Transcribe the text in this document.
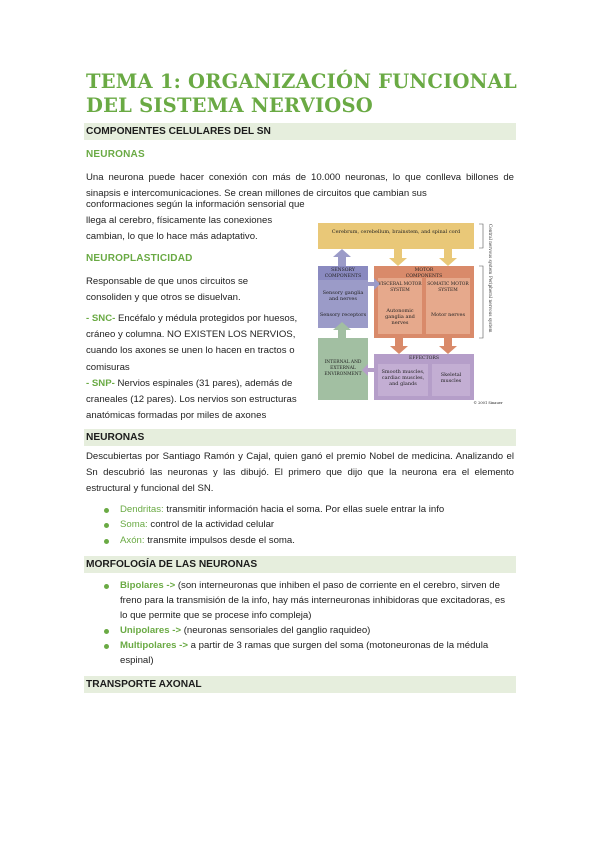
TEMA 1: ORGANIZACIÓN FUNCIONAL DEL SISTEMA NERVIOSO
COMPONENTES CELULARES DEL SN
NEURONAS

Una neurona puede hacer conexión con más de 10.000 neuronas, lo que conlleva billones de sinapsis e intercomunicaciones. Se crean millones de circuitos que cambian sus

conformaciones según la información sensorial que llega al cerebro, físicamente las conexiones cambian, lo que lo hace más adaptativo.

NEUROPLASTICIDAD

Responsable de que unos circuitos se consoliden y que otros se disuelvan.

- SNC- Encéfalo y médula protegidos por huesos, cráneo y columna. NO EXISTEN LOS NERVIOS, cuando los axones se unen lo hacen en tractos o comisuras

- SNP- Nervios espinales (31 pares), además de craneales (12 pares). Los nervios son estructuras anatómicas formadas por miles de axones

Cerebrum, cerebellum, brainstem, and spinal cord
SENSORY COMPONENTS
Sensory ganglia and nerves
Sensory receptors
MOTOR COMPONENTS
VISCERAL MOTOR SYSTEM
Autonomic ganglia and nerves
SOMATIC MOTOR SYSTEM
Motor nerves
INTERNAL AND EXTERNAL ENVIRONMENT
EFFECTORS
Smooth muscles, cardiac muscles, and glands
Skeletal muscles
Central nervous system
Peripheral nervous system
© 2001 Sinauer
NEURONAS

Descubiertas por Santiago Ramón y Cajal, quien ganó el premio Nobel de medicina. Analizando el Sn descubrió las neuronas y las dibujó. El primero que dijo que la neurona era el elemento estructural y funcional del SN.

Dendritas: transmitir información hacia el soma. Por ellas suele entrar la info
Soma: control de la actividad celular
Axón: transmite impulsos desde el soma.
MORFOLOGÍA DE LAS NEURONAS
Bipolares -> (son interneuronas que inhiben el paso de corriente en el cerebro, sirven de freno para la transmisión de la info, hay más interneuronas inhibidoras que excitadoras, es lo que permite que se procese info compleja)
Unipolares -> (neuronas sensoriales del ganglio raquideo)
Multipolares -> a partir de 3 ramas que surgen del soma (motoneuronas de la médula espinal)
TRANSPORTE AXONAL
